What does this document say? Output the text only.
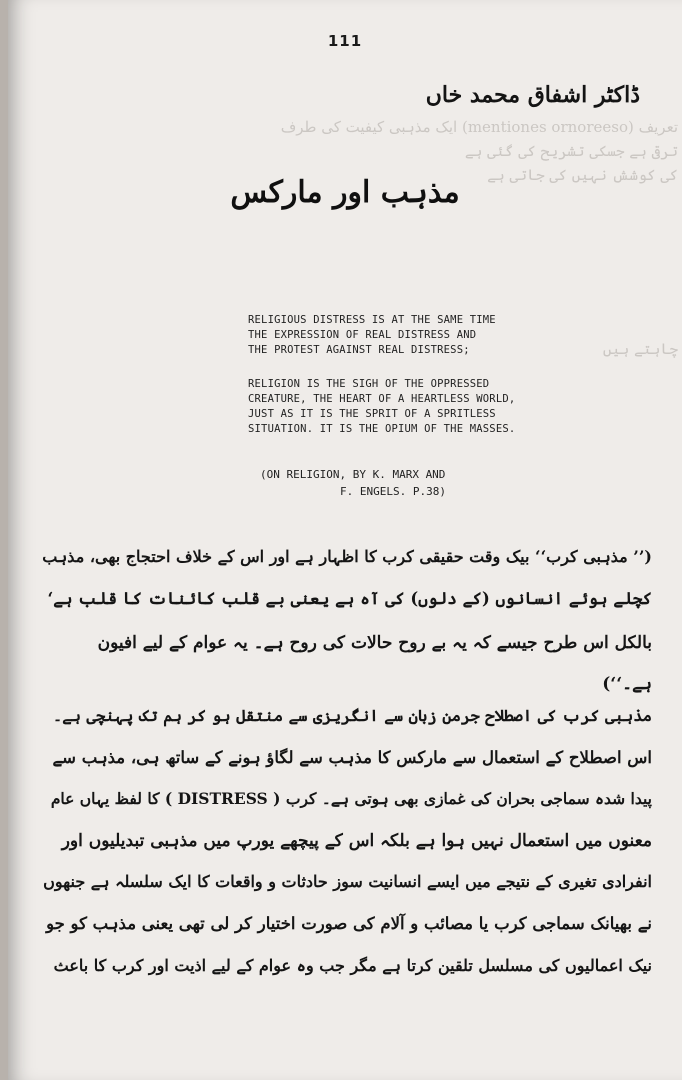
تعریف (mentiones ornoreeso) ایک مذہبی کیفیت کی طرف
ترقی ہے جسکی تشریح کی گئی ہے
کی کوشش نہیں کی جاتی ہے
چاہتے ہیں
111
ڈاکٹر اشفاق محمد خاں
مذہب اور مارکس
RELIGIOUS DISTRESS IS AT THE SAME TIME
THE EXPRESSION OF REAL DISTRESS AND
THE PROTEST AGAINST REAL DISTRESS;
RELIGION IS THE SIGH OF THE OPPRESSED
CREATURE, THE HEART OF A HEARTLESS WORLD,
JUST AS IT IS THE SPRIT OF A SPRITLESS
SITUATION. IT IS THE OPIUM OF THE MASSES.
(ON RELIGION, BY K. MARX AND
F. ENGELS. P.38)
(’’ مذہبی کرب‘‘ بیک وقت حقیقی کرب کا اظہار ہے اور اس کے خلاف احتجاج بھی، مذہب
کچلے ہوئے انسانوں (کے دلوں) کی آہ ہے یعنی بے قلب کائنات کا قلب ہے‘
بالکل اس طرح جیسے کہ یہ بے روح حالات کی روح ہے۔ یہ عوام کے لیے افیون
ہے۔‘‘)
مذہبی کرب کی اصطلاح جرمن زبان سے انگریزی سے منتقل ہو کر ہم تک پہنچی ہے۔
اس اصطلاح کے استعمال سے مارکس کا مذہب سے لگاؤ ہونے کے ساتھ ہی، مذہب سے
پیدا شدہ سماجی بحران کی غمازی بھی ہوتی ہے۔ کرب ( DISTRESS ) کا لفظ یہاں عام
معنوں میں استعمال نہیں ہوا ہے بلکہ اس کے پیچھے یورپ میں مذہبی تبدیلیوں اور
انفرادی تغیری کے نتیجے میں ایسے انسانیت سوز حادثات و واقعات کا ایک سلسلہ ہے جنھوں
نے بھیانک سماجی کرب یا مصائب و آلام کی صورت اختیار کر لی تھی یعنی مذہب کو جو
نیک اعمالیوں کی مسلسل تلقین کرتا ہے مگر جب وہ عوام کے لیے اذیت اور کرب کا باعث
